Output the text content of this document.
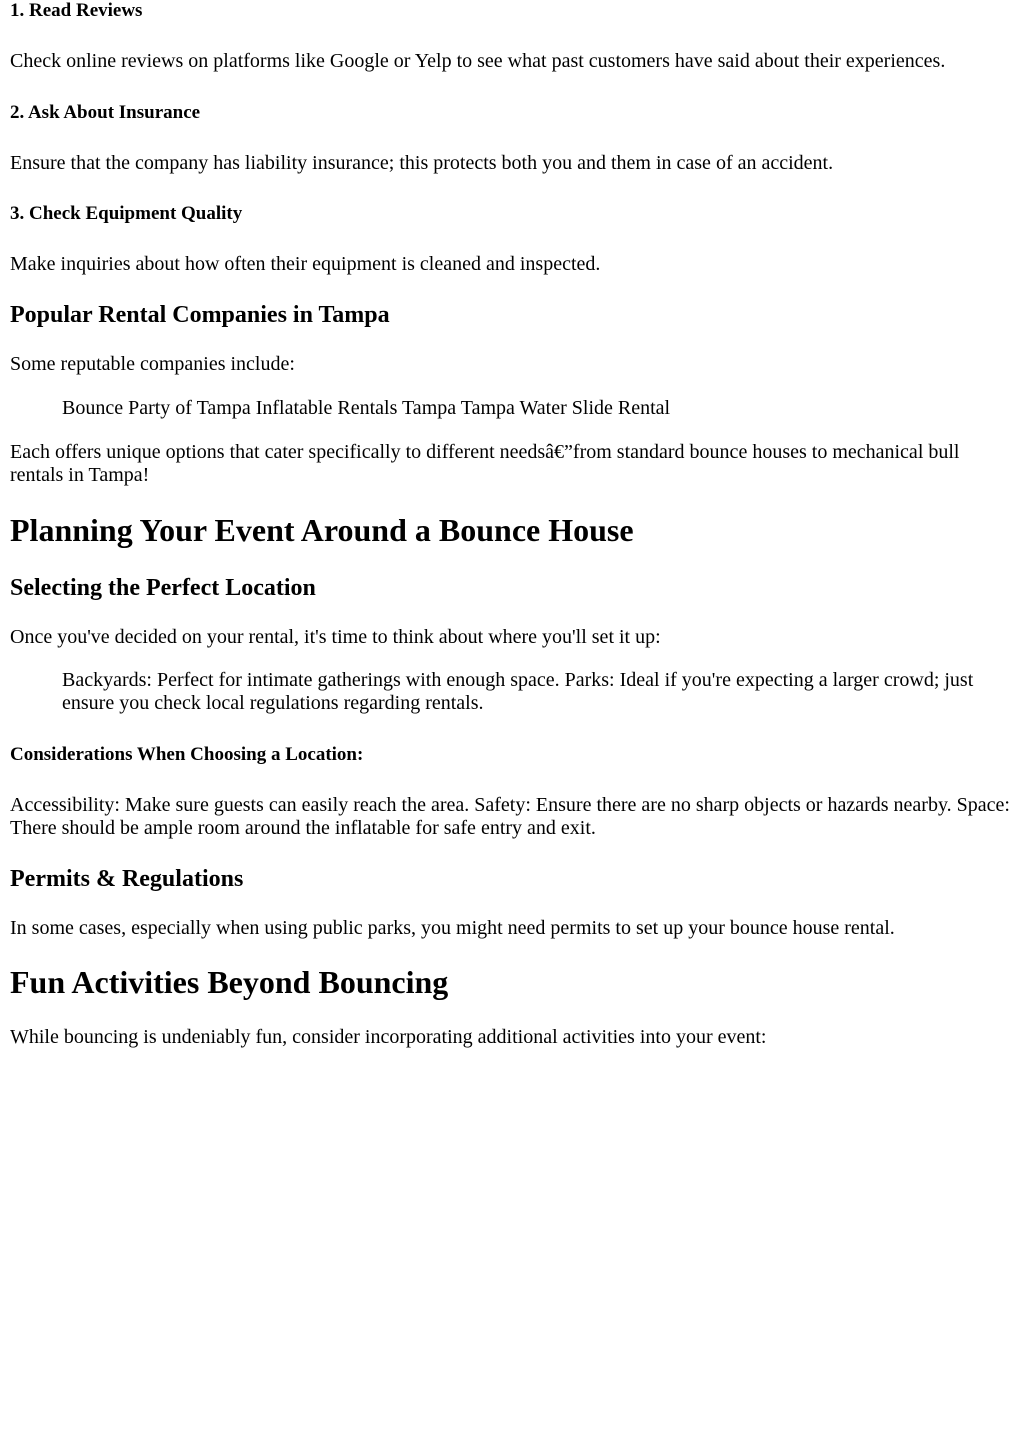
1. Read Reviews

Check online reviews on platforms like Google or Yelp to see what past customers have said about their experiences.

2. Ask About Insurance

Ensure that the company has liability insurance; this protects both you and them in case of an accident.

3. Check Equipment Quality

Make inquiries about how often their equipment is cleaned and inspected.

Popular Rental Companies in Tampa

Some reputable companies include:

Bounce Party of Tampa Inflatable Rentals Tampa Tampa Water Slide Rental

Each offers unique options that cater specifically to different needsâ€”from standard bounce houses to mechanical bull rentals in Tampa!

Planning Your Event Around a Bounce House
Selecting the Perfect Location

Once you've decided on your rental, it's time to think about where you'll set it up:

Backyards: Perfect for intimate gatherings with enough space. Parks: Ideal if you're expecting a larger crowd; just ensure you check local regulations regarding rentals.
Considerations When Choosing a Location:

Accessibility: Make sure guests can easily reach the area. Safety: Ensure there are no sharp objects or hazards nearby. Space: There should be ample room around the inflatable for safe entry and exit.

Permits & Regulations

In some cases, especially when using public parks, you might need permits to set up your bounce house rental.

Fun Activities Beyond Bouncing

While bouncing is undeniably fun, consider incorporating additional activities into your event:
